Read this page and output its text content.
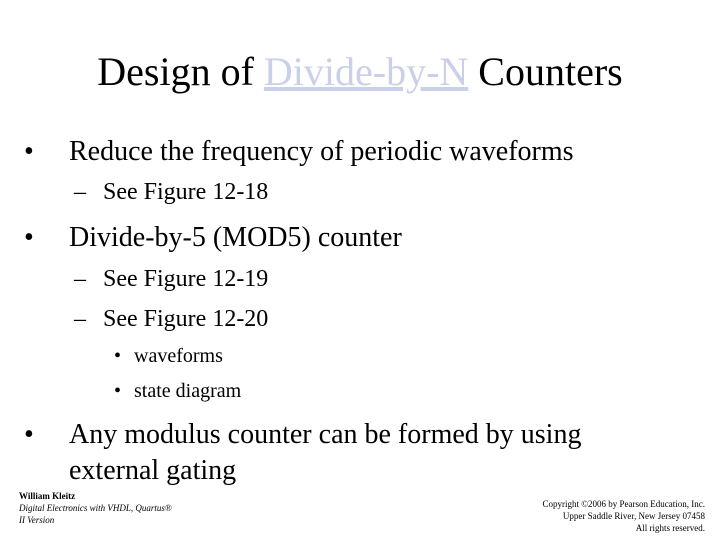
Design of Divide-by-N Counters
• Reduce the frequency of periodic waveforms
– See Figure 12-18
• Divide-by-5 (MOD5) counter
– See Figure 12-19
– See Figure 12-20
• waveforms
• state diagram
• Any modulus counter can be formed by using
external gating
William Kleitz
Digital Electronics with VHDL, Quartus®
II Version
Copyright ©2006 by Pearson Education, Inc.
Upper Saddle River, New Jersey 07458
All rights reserved.
